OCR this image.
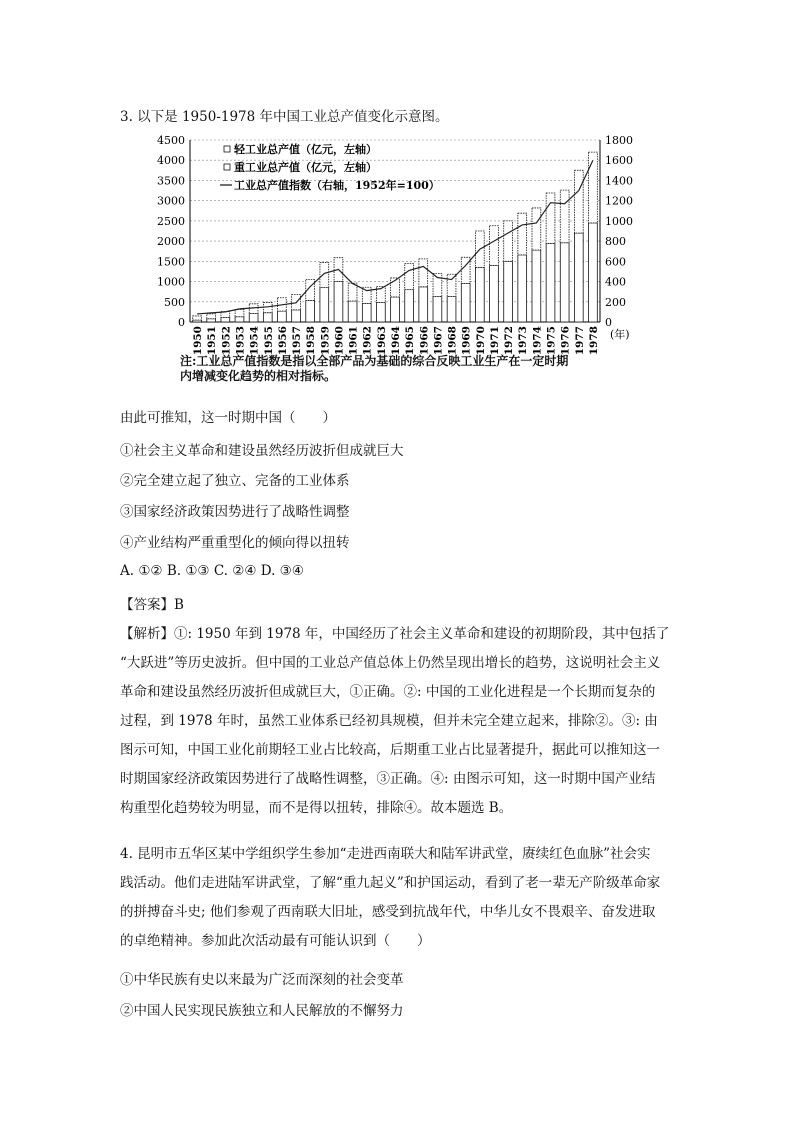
3. 以下是 1950-1978 年中国工业总产值变化示意图。
4500
4000
3500
3000
2500
2000
1500
1000
500
0
1800
1600
1400
1200
1000
800
600
400
200
0
1950 1951 1952 1953 1954 1955 1956 1957 1958 1959 1960 1961 1962 1963 1964 1965 1966 1967 1968 1969 1970 1971 1972 1973 1974 1975 1976 1977 1978 (年)
轻工业总产值（亿元，左轴）
重工业总产值（亿元，左轴）
工业总产值指数（右轴，1952年=100）
注:工业总产值指数是指以全部产品为基础的综合反映工业生产在一定时期
内增减变化趋势的相对指标。
由此可推知，这一时期中国（　　）
①社会主义革命和建设虽然经历波折但成就巨大
②完全建立起了独立、完备的工业体系
③国家经济政策因势进行了战略性调整
④产业结构严重重型化的倾向得以扭转
A. ①② B. ①③ C. ②④ D. ③④
【答案】B
【解析】①: 1950 年到 1978 年，中国经历了社会主义革命和建设的初期阶段，其中包括了
“大跃进”等历史波折。但中国的工业总产值总体上仍然呈现出增长的趋势，这说明社会主义
革命和建设虽然经历波折但成就巨大，①正确。②: 中国的工业化进程是一个长期而复杂的
过程，到 1978 年时，虽然工业体系已经初具规模，但并未完全建立起来，排除②。③: 由
图示可知，中国工业化前期轻工业占比较高，后期重工业占比显著提升，据此可以推知这一
时期国家经济政策因势进行了战略性调整，③正确。④: 由图示可知，这一时期中国产业结
构重型化趋势较为明显，而不是得以扭转，排除④。故本题选 B。
4. 昆明市五华区某中学组织学生参加“走进西南联大和陆军讲武堂，赓续红色血脉”社会实
践活动。他们走进陆军讲武堂，了解“重九起义”和护国运动，看到了老一辈无产阶级革命家
的拼搏奋斗史; 他们参观了西南联大旧址，感受到抗战年代，中华儿女不畏艰辛、奋发进取
的卓绝精神。参加此次活动最有可能认识到（　　）
①中华民族有史以来最为广泛而深刻的社会变革
②中国人民实现民族独立和人民解放的不懈努力
